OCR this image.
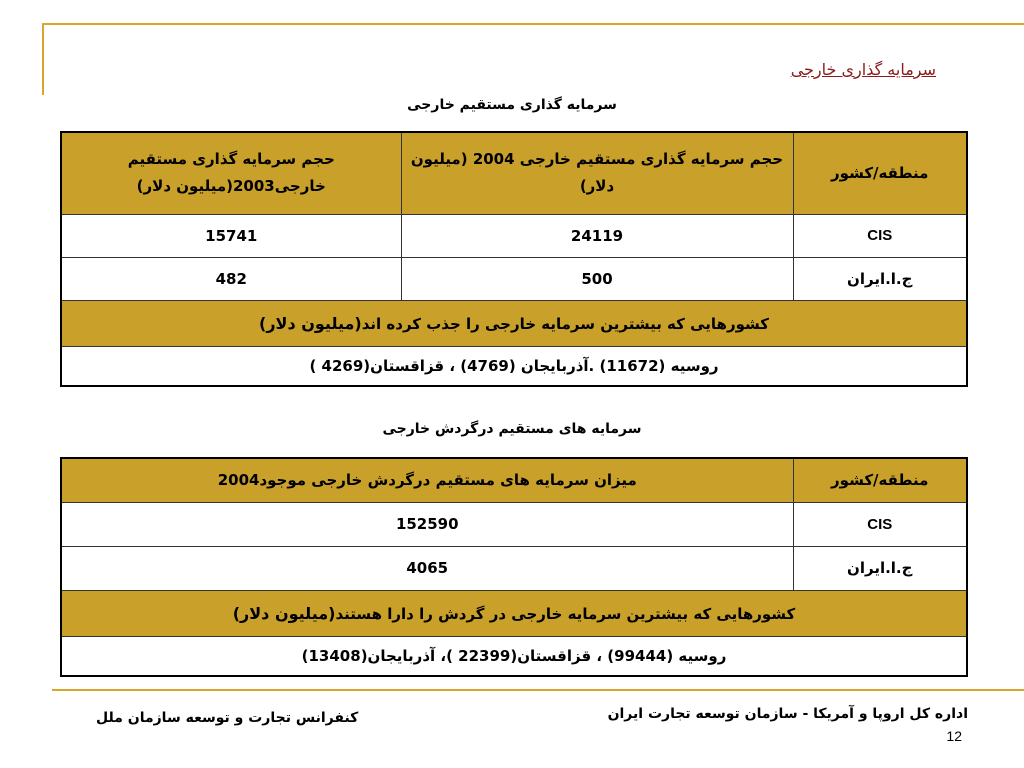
سرمایه گذاری خارجی
سرمایه گذاری مستقیم خارجی
منطقه/کشور	حجم سرمایه گذاری مستقیم خارجی 2004 (میلیون دلار)	حجم سرمایه گذاری مستقیم خارجی2003(میلیون دلار)
CIS	24119	15741
ج.ا.ایران	500	482
کشورهایی که بیشترین سرمایه خارجی را جذب کرده اند(میلیون دلار)		
روسیه (11672) .آذربایجان (4769) ، قزاقستان(4269 )		
سرمایه های مستقیم درگردش خارجی
منطقه/کشور	میزان سرمایه های مستقیم درگردش خارجی موجود2004
CIS	152590
ج.ا.ایران	4065
کشورهایی که بیشترین سرمایه خارجی در گردش را دارا هستند(میلیون دلار)	
روسیه (99444) ، قزاقستان(22399 )، آذربایجان(13408)	
اداره کل اروپا و آمریکا - سازمان توسعه تجارت ایران
کنفرانس تجارت و توسعه سازمان ملل
12
